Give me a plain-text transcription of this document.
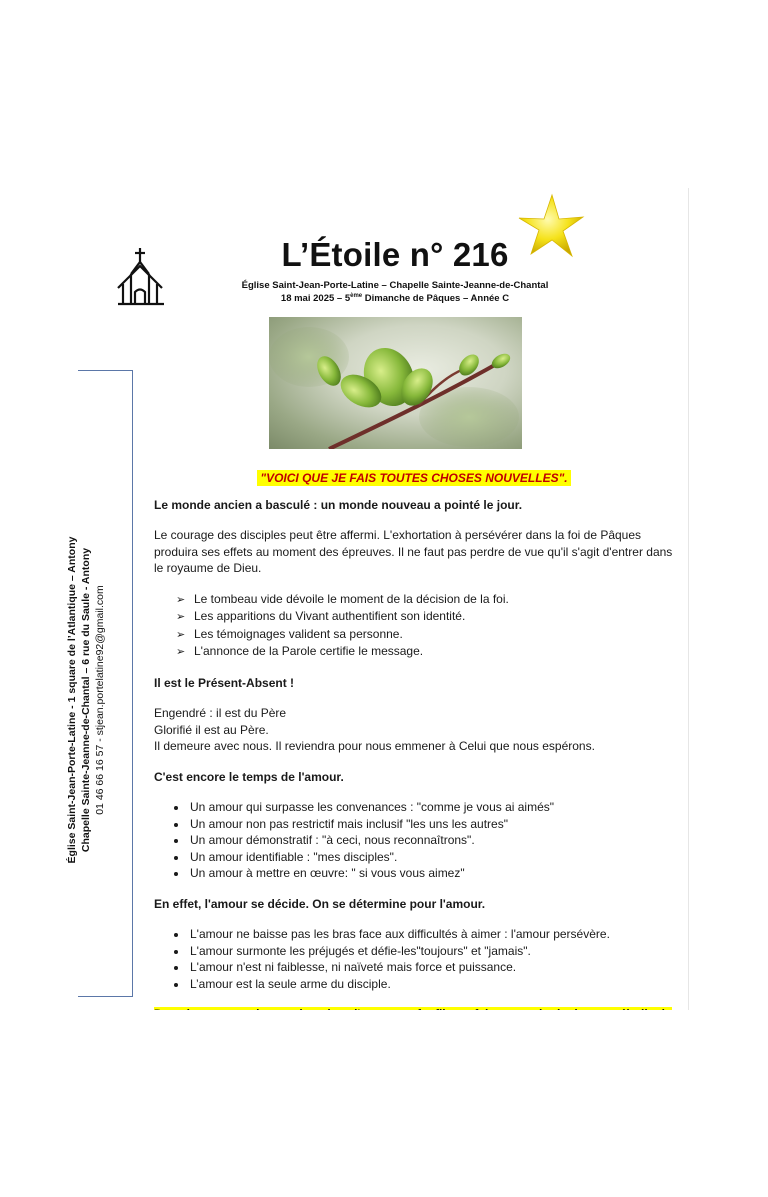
L’Étoile n° 216
Église Saint-Jean-Porte-Latine – Chapelle Sainte-Jeanne-de-Chantal
18 mai 2025 – 5ème Dimanche de Pâques – Année C
Église Saint-Jean-Porte-Latine - 1 square de l’Atlantique – Antony Chapelle Sainte-Jeanne-de-Chantal – 6 rue du Saule - Antony 01 46 66 16 57 - stjean.portelatine92@gmail.com
"VOICI QUE JE FAIS TOUTES CHOSES NOUVELLES".
Le monde ancien a basculé : un monde nouveau a pointé le jour.

Le courage des disciples peut être affermi. L'exhortation à persévérer dans la foi de Pâques produira ses effets au moment des épreuves. Il ne faut pas perdre de vue qu'il s'agit d'entrer dans le royaume de Dieu.

➢ Le tombeau vide dévoile le moment de la décision de la foi.
➢ Les apparitions du Vivant authentifient son identité.
➢ Les témoignages valident sa personne.
➢ L'annonce de la Parole certifie le message.
Il est le Présent-Absent !

Engendré : il est du Père

Glorifié il est au Père.

Il demeure avec nous. Il reviendra pour nous emmener à Celui que nous espérons.

C'est encore le temps de l'amour.
• Un amour qui surpasse les convenances : "comme je vous ai aimés"
• Un amour non pas restrictif mais inclusif "les uns les autres"
• Un amour démonstratif : "à ceci, nous reconnaîtrons".
• Un amour identifiable : "mes disciples".
• Un amour à mettre en œuvre: " si vous vous aimez"
En effet, l'amour se décide. On se détermine pour l'amour.
• L'amour ne baisse pas les bras face aux difficultés à aimer : l'amour persévère.
• L'amour surmonte les préjugés et défie-les"toujours" et "jamais".
• L'amour n'est ni faiblesse, ni naïveté mais force et puissance.
• L’amour est la seule arme du disciple.
